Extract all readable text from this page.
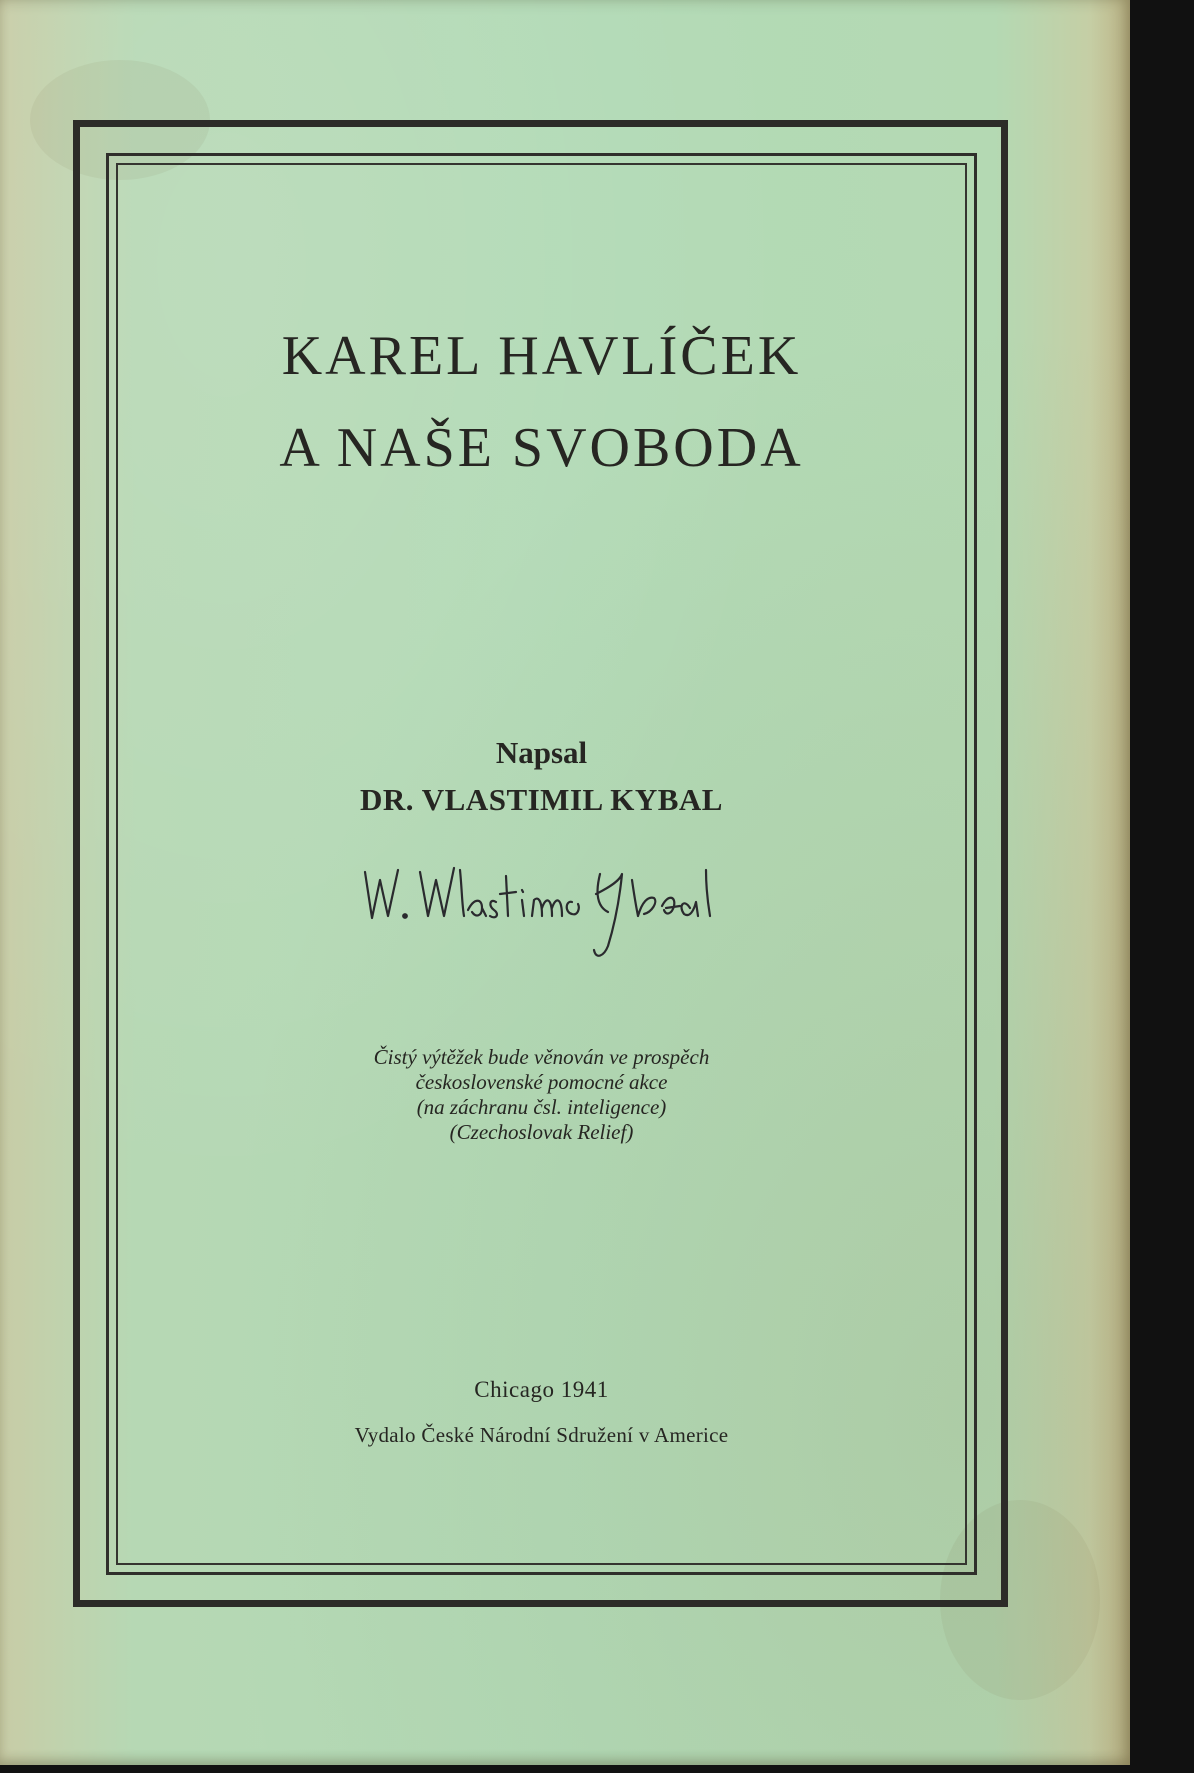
KAREL HAVLÍČEK
A NAŠE SVOBODA
Napsal
DR. VLASTIMIL KYBAL
Čistý výtěžek bude věnován ve prospěch
československé pomocné akce
(na záchranu čsl. inteligence)
(Czechoslovak Relief)
Chicago 1941
Vydalo České Národní Sdružení v Americe
